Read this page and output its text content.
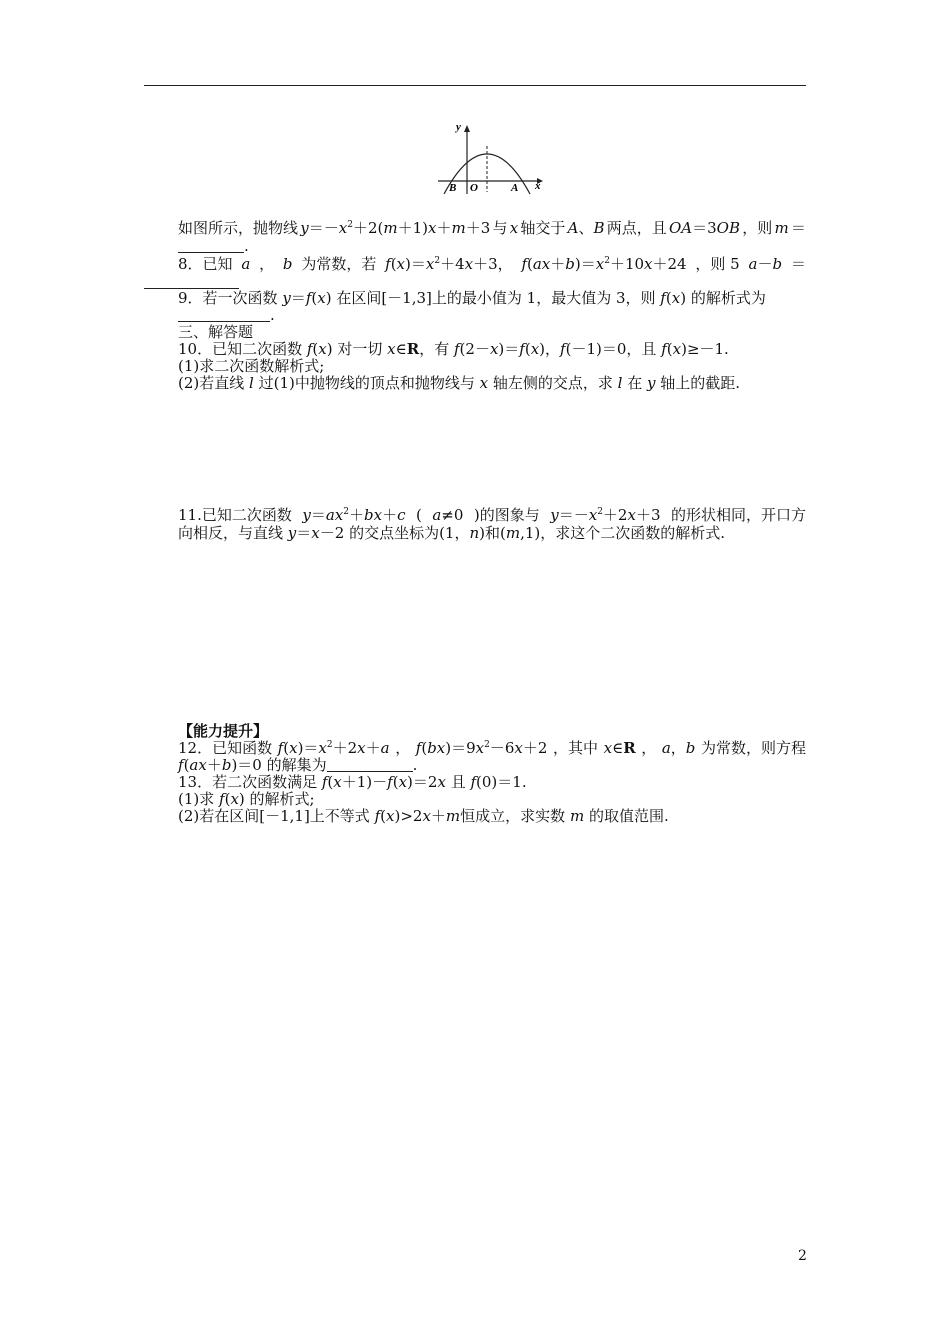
y
x
B O	A
如图所示，抛物线 $y=-x^2+2(m+1)x+m+3$ 与 x 轴交于 A、B 两点，且 OA＝3OB ，则 m ＝
.
8．已知 a ， b 为常数，若 $f(x)=x^2+4x+3$， $f(ax+b)=x^2+10x+24$ ，则 5 a－b ＝
9．若一次函数 y＝f(x) 在区间[－1,3]上的最小值为 1，最大值为 3，则 f(x) 的解析式为
.
三、解答题
10．已知二次函数 f(x) 对一切 x∈R，有 f(2－x)＝f(x)，f(－1)＝0，且 f(x)≥－1.
(1)求二次函数解析式;
(2)若直线 l 过(1)中抛物线的顶点和抛物线与 x 轴左侧的交点，求 l 在 y 轴上的截距.
11.已知二次函数 $y=ax^2+bx+c$ ( a≠0 )的图象与 $y=-x^2+2x+3$ 的形状相同，开口方
向相反，与直线 y＝x－2 的交点坐标为(1，n)和(m,1)，求这个二次函数的解析式.
【能力提升】
12．已知函数 $f(x)=x^2+2x+a$ ， $f(bx)=9x^2-6x+2$ ，其中 x∈R ， a，b 为常数，则方程
f(ax＋b)＝0 的解集为	.
13．若二次函数满足 f(x＋1)－f(x)＝2x 且 f(0)＝1.
(1)求 f(x) 的解析式;
(2)若在区间[－1,1]上不等式 f(x)>2x＋m恒成立，求实数 m 的取值范围.
2
